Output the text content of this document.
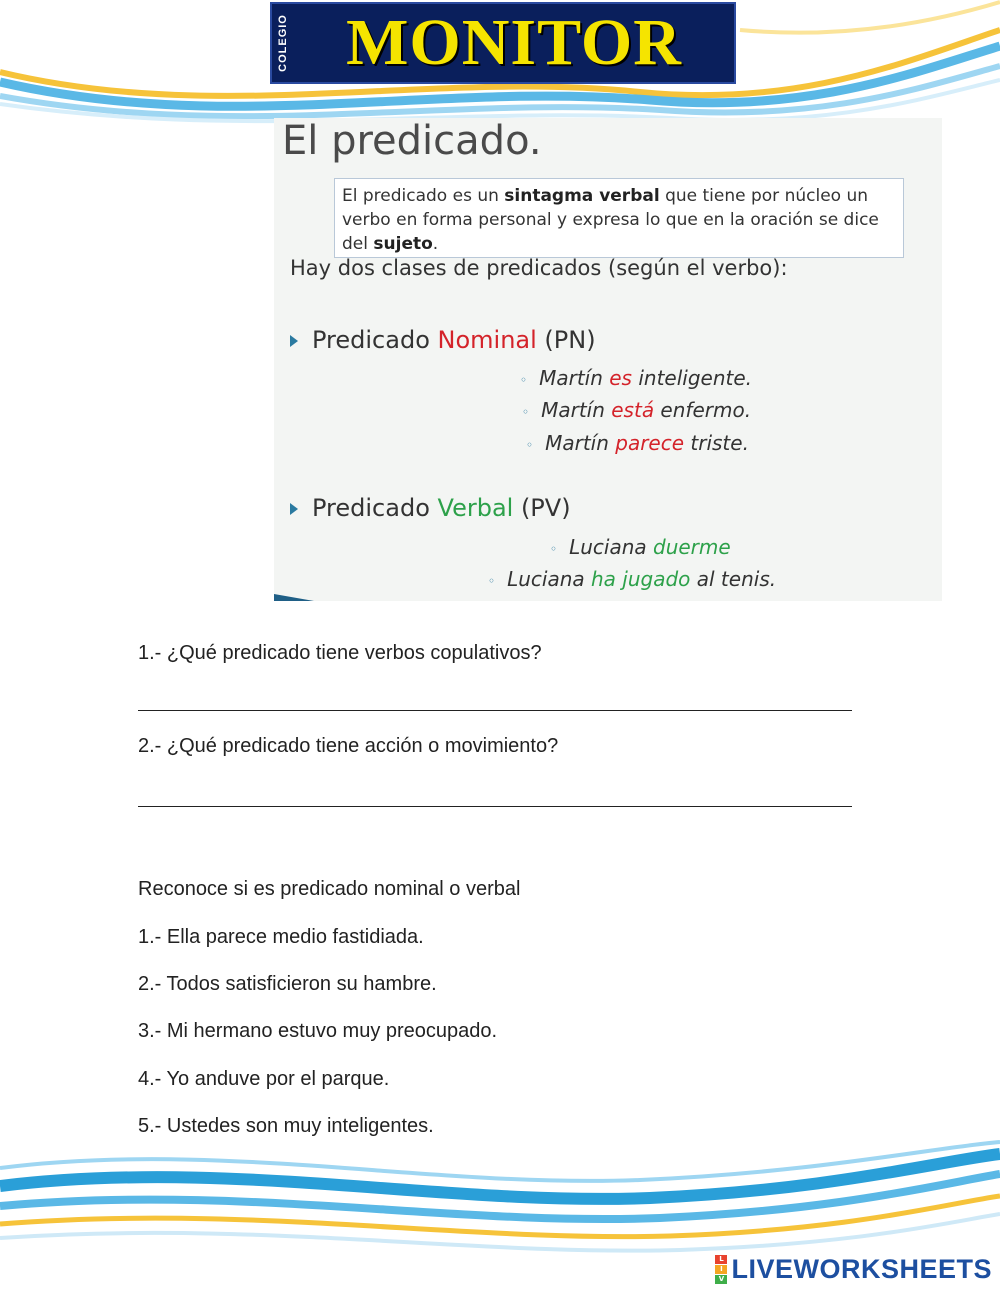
COLEGIO MONITOR
El predicado.
El predicado es un sintagma verbal que tiene por núcleo un verbo en forma personal y expresa lo que en la oración se dice del sujeto.
Hay dos clases de predicados (según el verbo):
Predicado Nominal (PN)
◦ Martín es inteligente.
◦ Martín está enfermo.
◦ Martín parece triste.
Predicado Verbal (PV)
◦ Luciana duerme
◦ Luciana ha jugado al tenis.
1.- ¿Qué predicado tiene verbos copulativos?
2.- ¿Qué predicado tiene acción o movimiento?
Reconoce si es predicado nominal o verbal
1.- Ella parece medio fastidiada.
2.- Todos satisficieron su hambre.
3.- Mi hermano estuvo muy preocupado.
4.- Yo anduve por el parque.
5.- Ustedes son muy inteligentes.
L
I
V LIVEWORKSHEETS
